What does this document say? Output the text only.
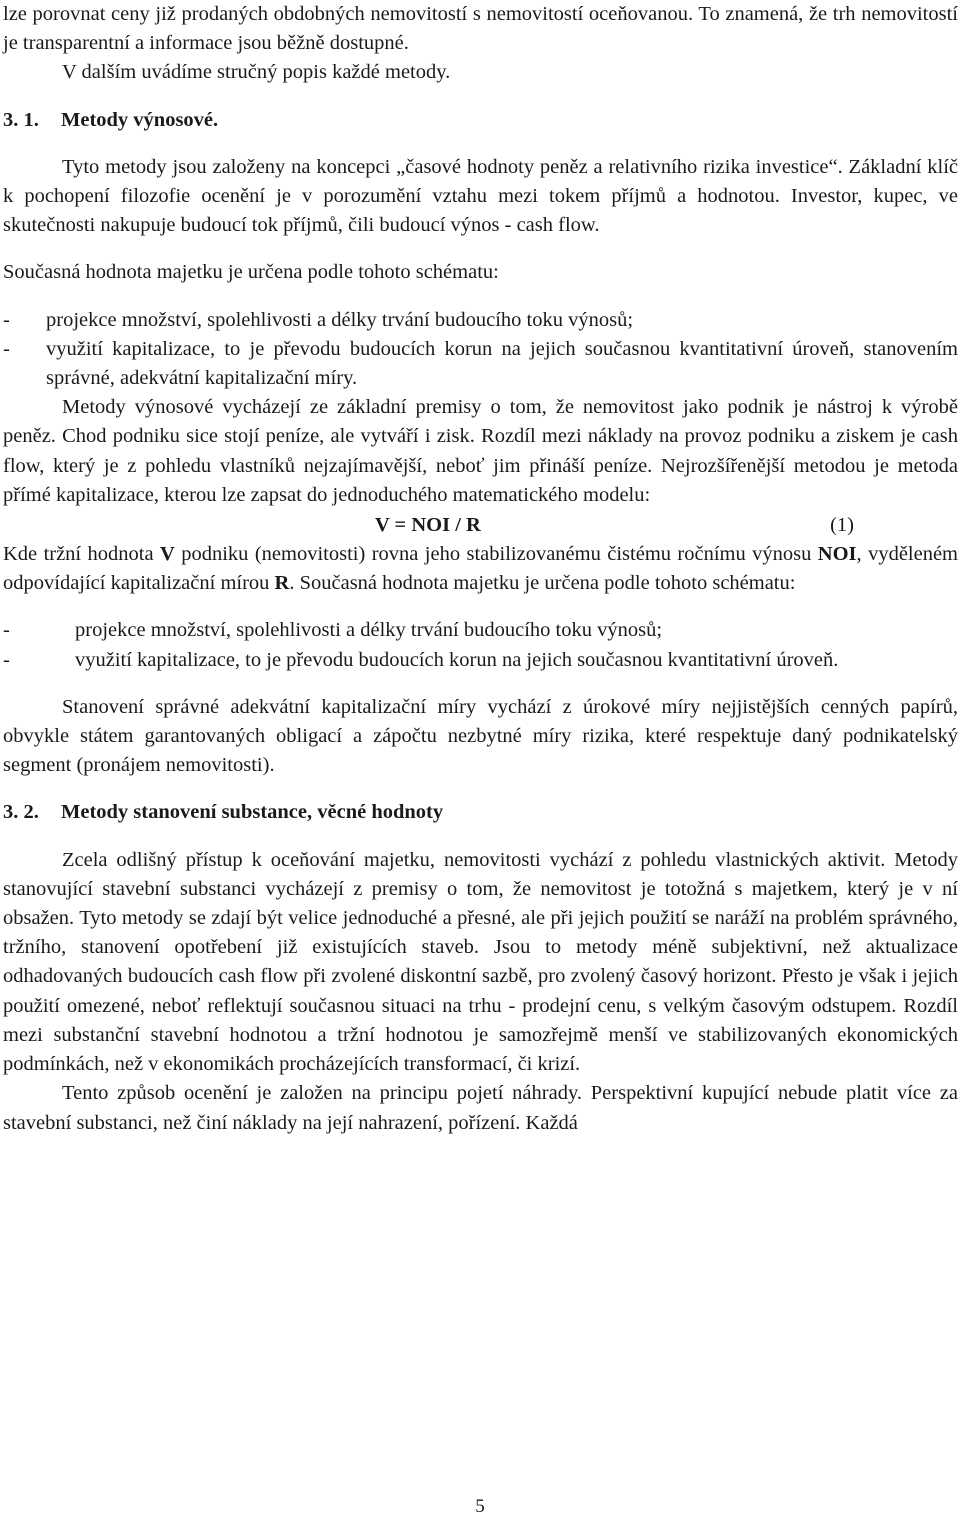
lze porovnat ceny již prodaných obdobných nemovitostí s nemovitostí oceňovanou. To znamená, že trh nemovitostí je transparentní a informace jsou běžně dostupné.

V dalším uvádíme stručný popis každé metody.

3. 1. Metody výnosové.

Tyto metody jsou založeny na koncepci „časové hodnoty peněz a relativního rizika investice“. Základní klíč k pochopení filozofie ocenění je v porozumění vztahu mezi tokem příjmů a hodnotou. Investor, kupec, ve skutečnosti nakupuje budoucí tok příjmů, čili budoucí výnos - cash flow.

Současná hodnota majetku je určena podle tohoto schématu:

- projekce množství, spolehlivosti a délky trvání budoucího toku výnosů;
- využití kapitalizace, to je převodu budoucích korun na jejich současnou kvantitativní úroveň, stanovením správné, adekvátní kapitalizační míry.

Metody výnosové vycházejí ze základní premisy o tom, že nemovitost jako podnik je nástroj k výrobě peněz. Chod podniku sice stojí peníze, ale vytváří i zisk. Rozdíl mezi náklady na provoz podniku a ziskem je cash flow, který je z pohledu vlastníků nejzajímavější, neboť jim přináší peníze. Nejrozšířenější metodou je metoda přímé kapitalizace, kterou lze zapsat do jednoduchého matematického modelu:

V = NOI / R	(1)

Kde tržní hodnota V podniku (nemovitosti) rovna jeho stabilizovanému čistému ročnímu výnosu NOI, vyděleném odpovídající kapitalizační mírou R. Současná hodnota majetku je určena podle tohoto schématu:

-	projekce množství, spolehlivosti a délky trvání budoucího toku výnosů;
-	využití kapitalizace, to je převodu budoucích korun na jejich současnou kvantitativní úroveň.

Stanovení správné adekvátní kapitalizační míry vychází z úrokové míry nejjistějších cenných papírů, obvykle státem garantovaných obligací a zápočtu nezbytné míry rizika, které respektuje daný podnikatelský segment (pronájem nemovitosti).

3. 2. Metody stanovení substance, věcné hodnoty

Zcela odlišný přístup k oceňování majetku, nemovitosti vychází z pohledu vlastnických aktivit. Metody stanovující stavební substanci vycházejí z premisy o tom, že nemovitost je totožná s majetkem, který je v ní obsažen. Tyto metody se zdají být velice jednoduché a přesné, ale při jejich použití se naráží na problém správného, tržního, stanovení opotřebení již existujících staveb. Jsou to metody méně subjektivní, než aktualizace odhadovaných budoucích cash flow při zvolené diskontní sazbě, pro zvolený časový horizont. Přesto je však i jejich použití omezené, neboť reflektují současnou situaci na trhu - prodejní cenu, s velkým časovým odstupem. Rozdíl mezi substanční stavební hodnotou a tržní hodnotou je samozřejmě menší ve stabilizovaných ekonomických podmínkách, než v ekonomikách procházejících transformací, či krizí.

Tento způsob ocenění je založen na principu pojetí náhrady. Perspektivní kupující nebude platit více za stavební substanci, než činí náklady na její nahrazení, pořízení. Každá

5
